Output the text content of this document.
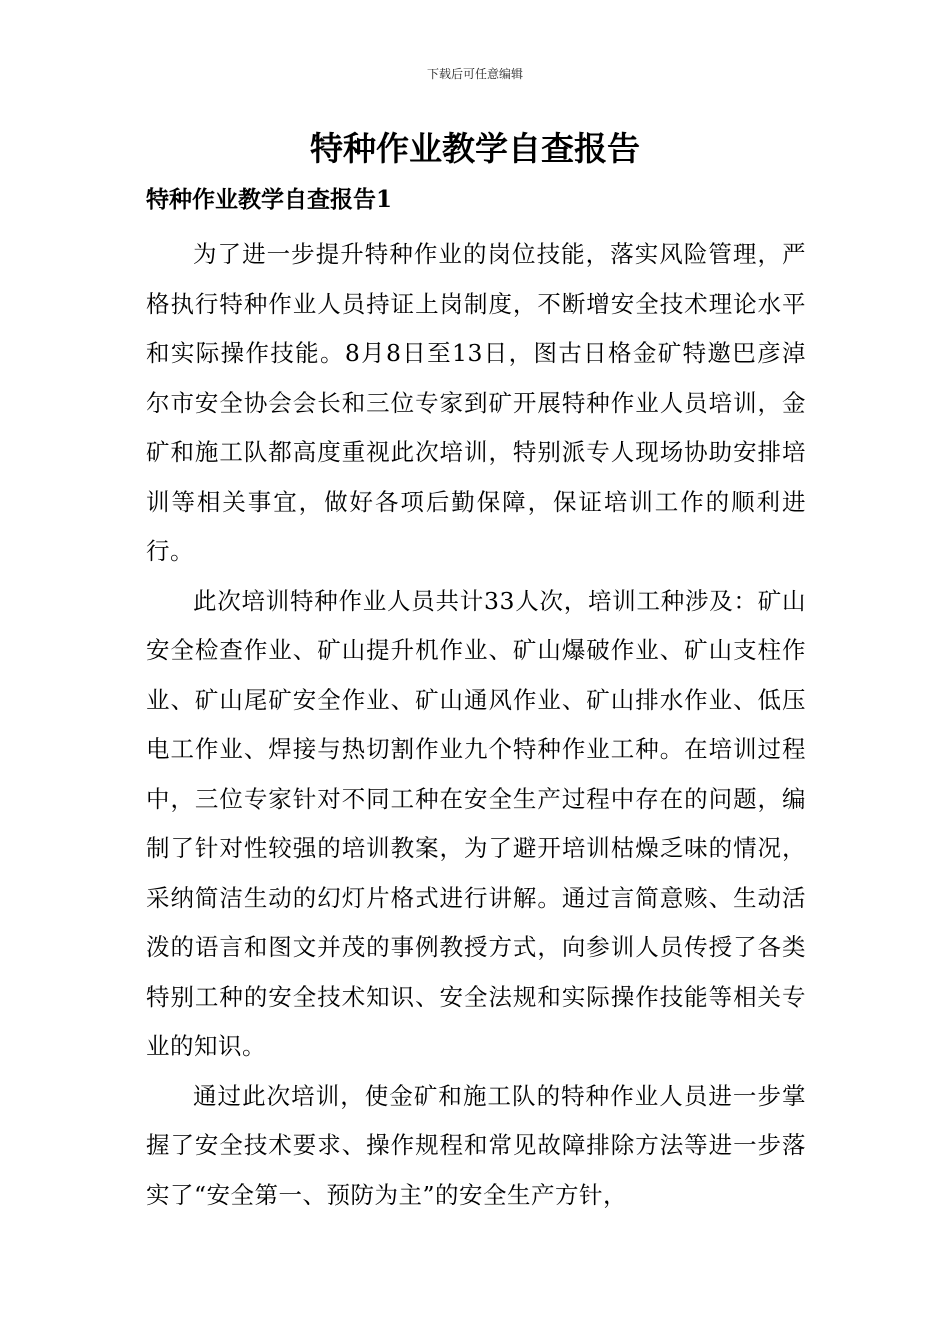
下载后可任意编辑
特种作业教学自查报告
特种作业教学自查报告1

为了进一步提升特种作业的岗位技能，落实风险管理，严格执行特种作业人员持证上岗制度，不断增安全技术理论水平和实际操作技能。8月8日至13日，图古日格金矿特邀巴彦淖尔市安全协会会长和三位专家到矿开展特种作业人员培训，金矿和施工队都高度重视此次培训，特别派专人现场协助安排培训等相关事宜，做好各项后勤保障，保证培训工作的顺利进行。

此次培训特种作业人员共计33人次，培训工种涉及：矿山安全检查作业、矿山提升机作业、矿山爆破作业、矿山支柱作业、矿山尾矿安全作业、矿山通风作业、矿山排水作业、低压电工作业、焊接与热切割作业九个特种作业工种。在培训过程中，三位专家针对不同工种在安全生产过程中存在的问题，编制了针对性较强的培训教案，为了避开培训枯燥乏味的情况，采纳简洁生动的幻灯片格式进行讲解。通过言简意赅、生动活泼的语言和图文并茂的事例教授方式，向参训人员传授了各类特别工种的安全技术知识、安全法规和实际操作技能等相关专业的知识。

通过此次培训，使金矿和施工队的特种作业人员进一步掌握了安全技术要求、操作规程和常见故障排除方法等进一步落实了“安全第一、预防为主”的安全生产方针，
